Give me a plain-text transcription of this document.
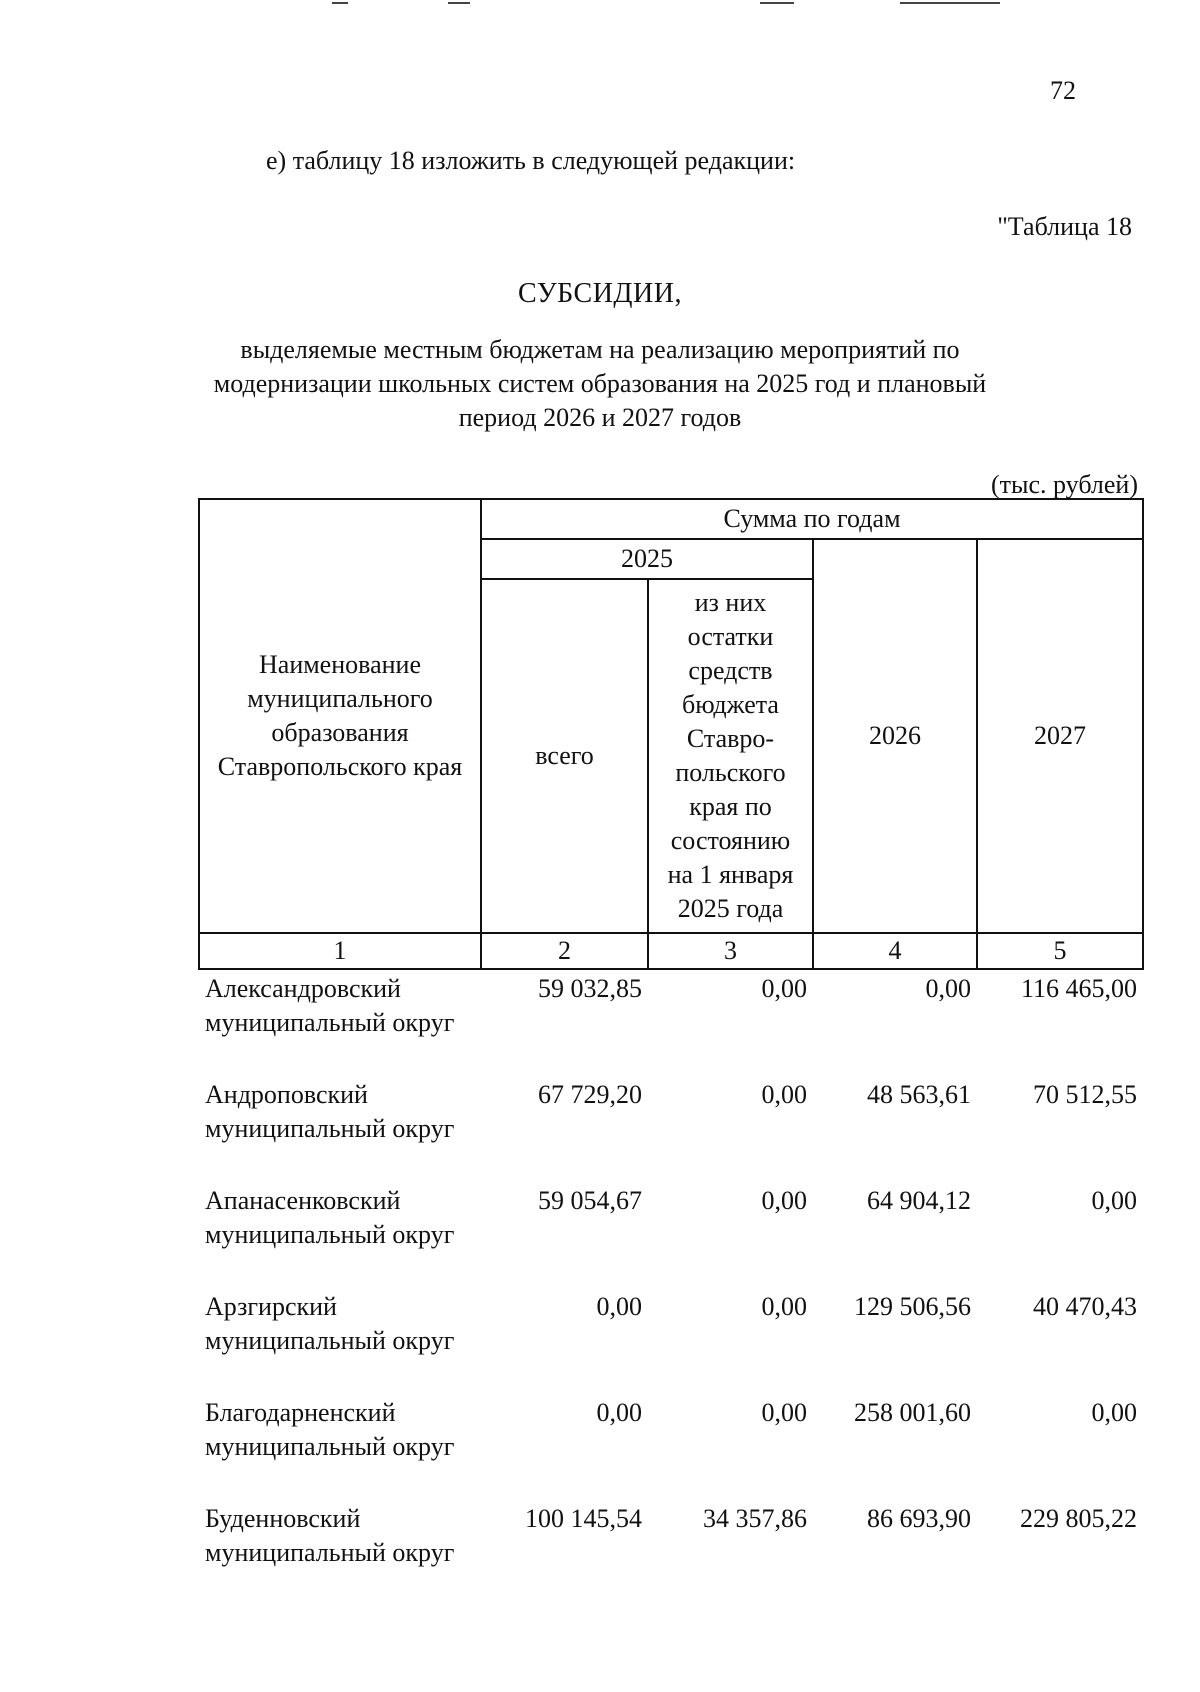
72
е) таблицу 18 изложить в следующей редакции:
"Таблица 18
СУБСИДИИ,
выделяемые местным бюджетам на реализацию мероприятий по модернизации школьных систем образования на 2025 год и плановый период 2026 и 2027 годов
(тыс. рублей)
Наименование муниципального образования Ставропольского края	Сумма по годам			
	2025		2026	2027
	всего	из них остатки средств бюджета Ставро-польского края по состоянию на 1 января 2025 года		
1	2	3	4	5
Александровский муниципальный округ	59 032,85	0,00	0,00	116 465,00
Андроповский муниципальный округ	67 729,20	0,00	48 563,61	70 512,55
Апанасенковский муниципальный округ	59 054,67	0,00	64 904,12	0,00
Арзгирский муниципальный округ	0,00	0,00	129 506,56	40 470,43
Благодарненский муниципальный округ	0,00	0,00	258 001,60	0,00
Буденновский муниципальный округ	100 145,54	34 357,86	86 693,90	229 805,22
